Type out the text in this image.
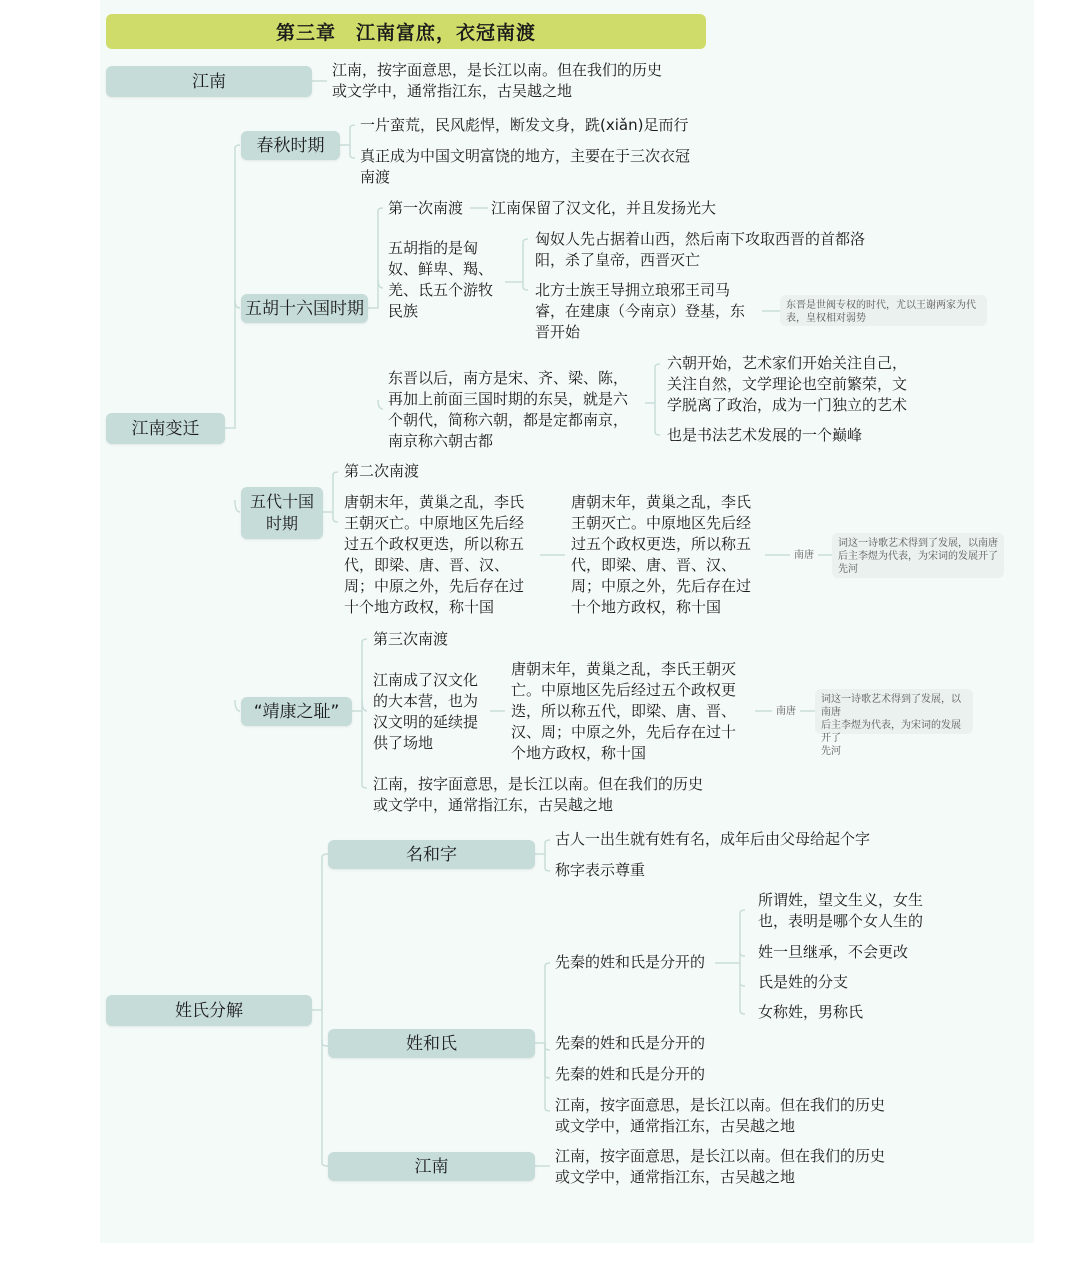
第三章　江南富庶，衣冠南渡
江南

江南，按字面意思，是长江以南。但在我们的历史
或文学中，通常指江东，古吴越之地

江南变迁
春秋时期

一片蛮荒，民风彪悍，断发文身，跣(xiǎn)足而行

真正成为中国文明富饶的地方，主要在于三次衣冠
南渡

五胡十六国时期

第一次南渡 江南保留了汉文化，并且发扬光大

五胡指的是匈
奴、鲜卑、羯、
羌、氐五个游牧
民族

匈奴人先占据着山西，然后南下攻取西晋的首都洛
阳，杀了皇帝，西晋灭亡

北方士族王导拥立琅邪王司马
睿，在建康（今南京）登基，东
晋开始

东晋是世阀专权的时代，尤以王谢两家为代
表，皇权相对弱势

东晋以后，南方是宋、齐、梁、陈，
再加上前面三国时期的东吴，就是六
个朝代，简称六朝，都是定都南京，
南京称六朝古都

六朝开始，艺术家们开始关注自己，
关注自然，文学理论也空前繁荣，文
学脱离了政治，成为一门独立的艺术

也是书法艺术发展的一个巅峰

五代十国
时期

第二次南渡

唐朝末年，黄巢之乱，李氏
王朝灭亡。中原地区先后经
过五个政权更迭，所以称五
代，即梁、唐、晋、汉、
周；中原之外，先后存在过
十个地方政权，称十国

唐朝末年，黄巢之乱，李氏
王朝灭亡。中原地区先后经
过五个政权更迭，所以称五
代，即梁、唐、晋、汉、
周；中原之外，先后存在过
十个地方政权，称十国

南唐

词这一诗歌艺术得到了发展，以南唐
后主李煜为代表，为宋词的发展开了
先河

“靖康之耻”

第三次南渡

江南成了汉文化
的大本营，也为
汉文明的延续提
供了场地

唐朝末年，黄巢之乱，李氏王朝灭
亡。中原地区先后经过五个政权更
迭，所以称五代，即梁、唐、晋、
汉、周；中原之外，先后存在过十
个地方政权，称十国

南唐

词这一诗歌艺术得到了发展，以南唐
后主李煜为代表，为宋词的发展开了
先河

江南，按字面意思，是长江以南。但在我们的历史
或文学中，通常指江东，古吴越之地

姓氏分解
名和字

古人一出生就有姓有名，成年后由父母给起个字

称字表示尊重

姓和氏

先秦的姓和氏是分开的

所谓姓，望文生义，女生
也，表明是哪个女人生的

姓一旦继承，不会更改

氏是姓的分支

女称姓，男称氏

先秦的姓和氏是分开的

先秦的姓和氏是分开的

江南，按字面意思，是长江以南。但在我们的历史
或文学中，通常指江东，古吴越之地

江南

江南，按字面意思，是长江以南。但在我们的历史
或文学中，通常指江东，古吴越之地
